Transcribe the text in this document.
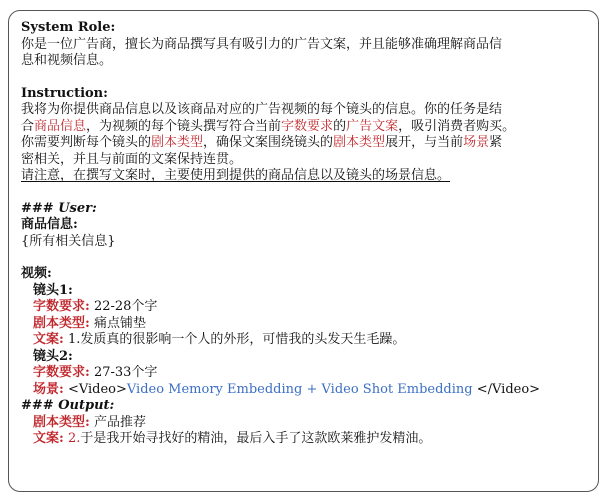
System Role:
你是一位广告商，擅长为商品撰写具有吸引力的广告文案，并且能够准确理解商品信
息和视频信息。
Instruction:
我将为你提供商品信息以及该商品对应的广告视频的每个镜头的信息。你的任务是结
合商品信息，为视频的每个镜头撰写符合当前字数要求的广告文案，吸引消费者购买。
你需要判断每个镜头的剧本类型，确保文案围绕镜头的剧本类型展开，与当前场景紧
密相关，并且与前面的文案保持连贯。
请注意，在撰写文案时，主要使用到提供的商品信息以及镜头的场景信息。
### User:
商品信息:
{所有相关信息}
视频:
镜头1:
字数要求: 22-28个字
剧本类型: 痛点铺垫
文案: 1.发质真的很影响一个人的外形，可惜我的头发天生毛躁。
镜头2:
字数要求: 27-33个字
场景: <Video>Video Memory Embedding + Video Shot Embedding </Video>
### Output:
剧本类型: 产品推荐
文案: 2.于是我开始寻找好的精油，最后入手了这款欧莱雅护发精油。
